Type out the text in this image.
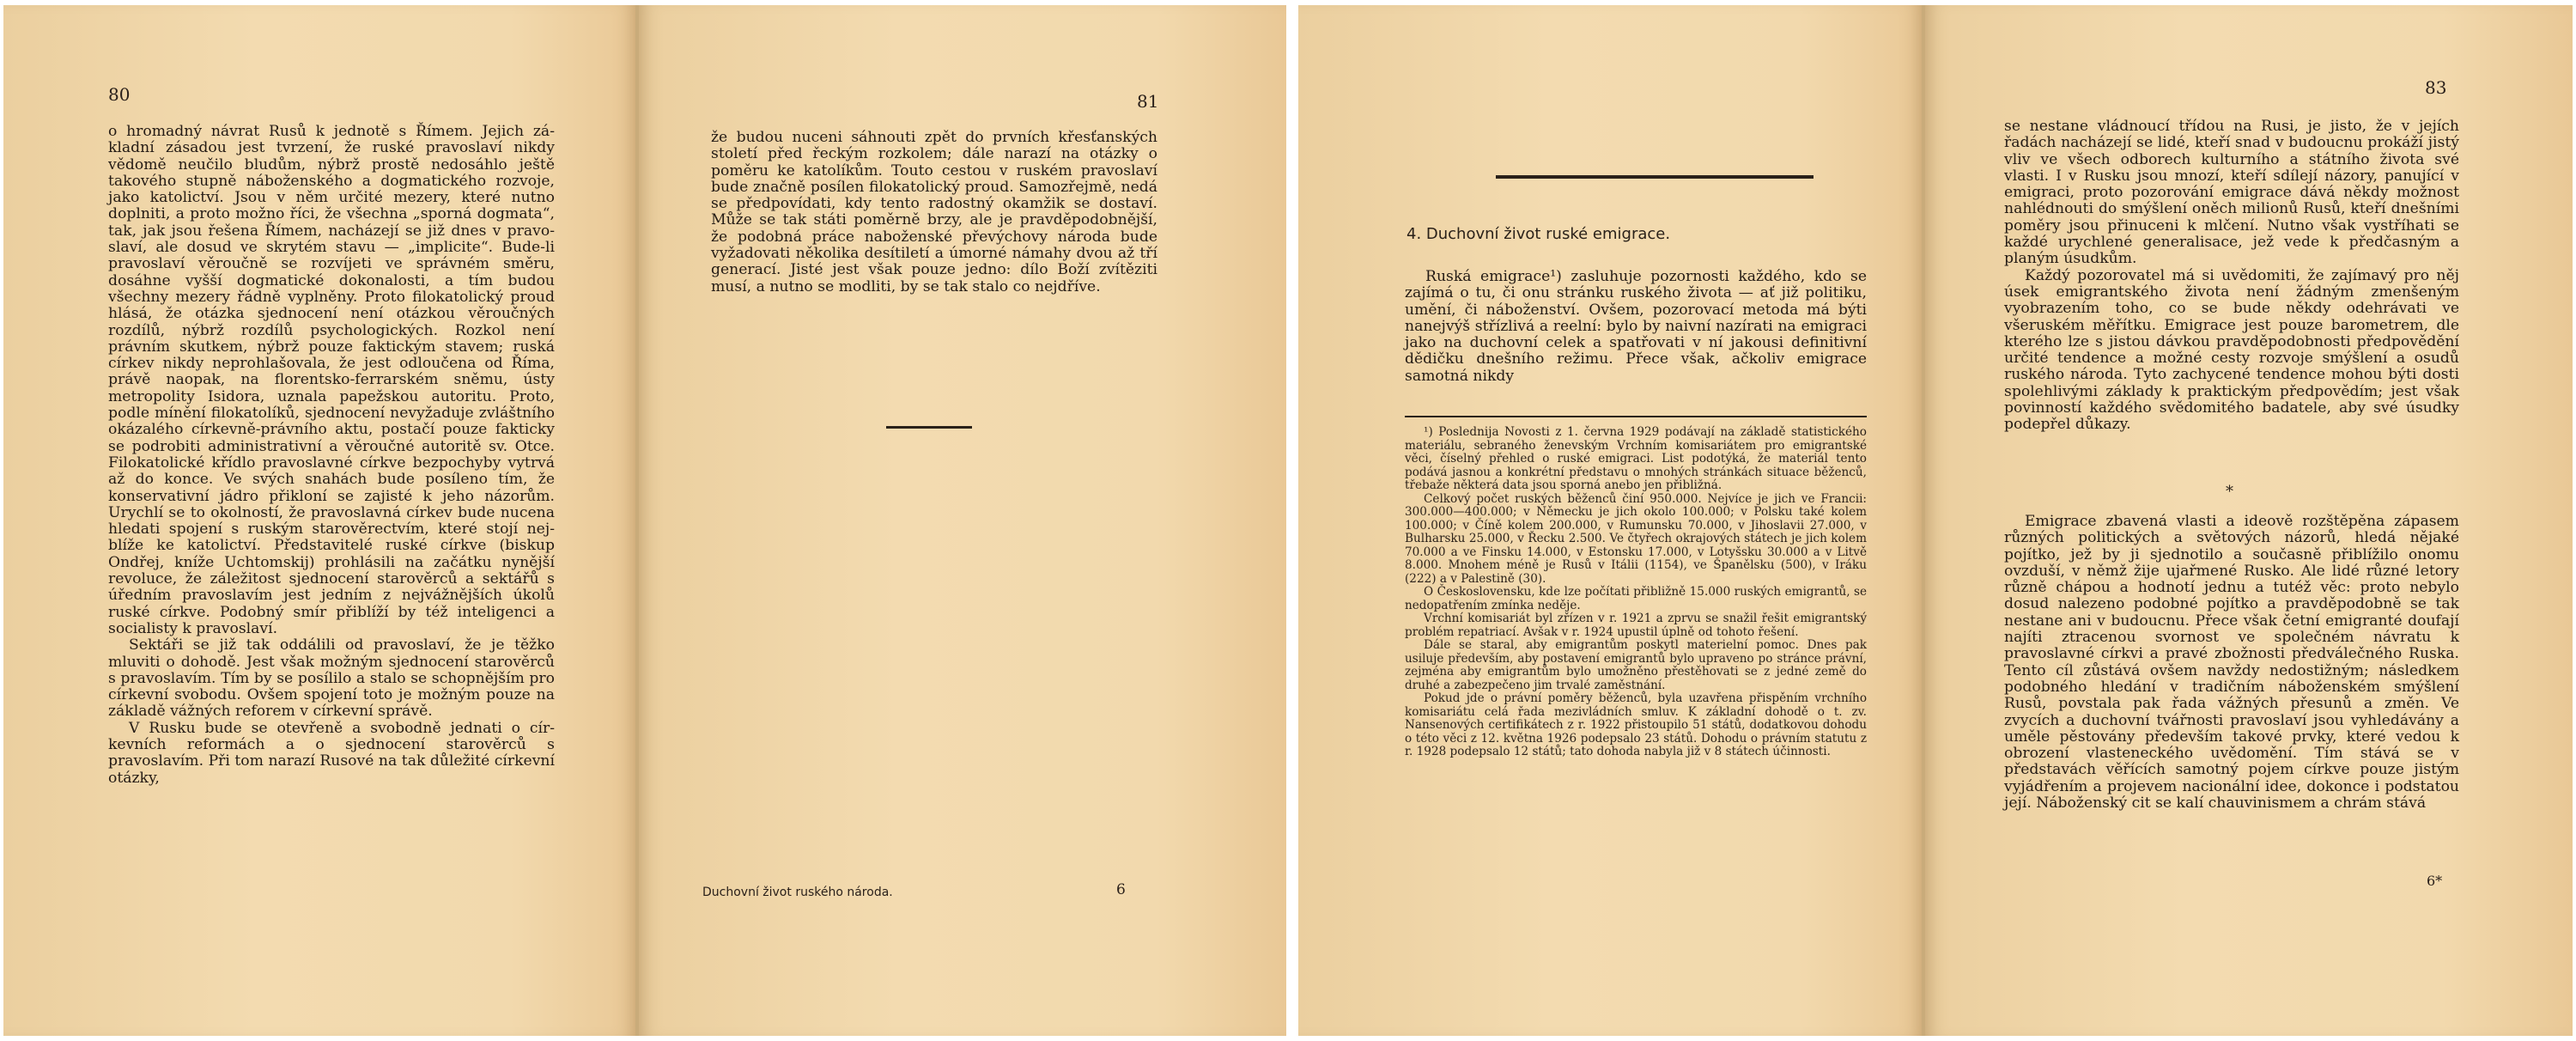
80

o hromadný návrat Rusů k jednotě s Římem. Jejich základní zásadou jest tvrzení, že ruské pravoslaví nikdy vědomě neučilo bludům, nýbrž prostě nedosáhlo ještě takového stupně náboženského a dogmatického rozvoje, jako katolictví. Jsou v něm určité mezery, které nutno doplniti, a proto možno říci, že všechna „sporná dogmata“, tak, jak jsou řešena Římem, nacházejí se již dnes v pravoslaví, ale dosud ve skrytém stavu — „implicite“. Bude-li pravoslaví věroučně se rozvíjeti ve správném směru, dosáhne vyšší dogmatické dokonalosti, a tím budou všechny mezery řádně vyplněny. Proto filokatolický proud hlásá, že otázka sjednocení není otázkou věroučných rozdílů, nýbrž rozdílů psychologických. Rozkol není právním skutkem, nýbrž pouze faktickým stavem; ruská církev nikdy neprohlašovala, že jest odloučena od Říma, právě naopak, na florentsko-ferrarském sněmu, ústy metropolity Isidora, uznala papežskou autoritu. Proto, podle mínění filokatolíků, sjednocení nevyžaduje zvláštního okázalého církevně-právního aktu, postačí pouze fakticky se podrobiti administrativní a věroučné autoritě sv. Otce. Filokatolické křídlo pravoslavné církve bezpochyby vytrvá až do konce. Ve svých snahách bude posíleno tím, že konservativní jádro přikloní se zajisté k jeho názorům. Urychlí se to okolností, že pravoslavná církev bude nucena hledati spojení s ruským starověrectvím, které stojí nejblíže ke katolictví. Představitelé ruské církve (biskup Ondřej, kníže Uchtomskij) prohlásili na začátku nynější revoluce, že záležitost sjednocení starověrců a sektářů s úředním pravoslavím jest jedním z nejvážnějších úkolů ruské církve. Podobný smír přiblíží by též inteligenci a socialisty k pravoslaví.

Sektáři se již tak oddálili od pravoslaví, že je těžko mluviti o dohodě. Jest však možným sjednocení starověrců s pravoslavím. Tím by se posílilo a stalo se schopnějším pro církevní svobodu. Ovšem spojení toto je možným pouze na základě vážných reforem v církevní správě.

V Rusku bude se otevřeně a svobodně jednati o církevních reformách a o sjednocení starověrců s pravoslavím. Při tom narazí Rusové na tak důležité církevní otázky,

81

že budou nuceni sáhnouti zpět do prvních křesťanských století před řeckým rozkolem; dále narazí na otázky o poměru ke katolíkům. Touto cestou v ruském pravoslaví bude značně posílen filokatolický proud. Samozřejmě, nedá se předpovídati, kdy tento radostný okamžik se dostaví. Může se tak státi poměrně brzy, ale je pravděpodobnější, že podobná práce naboženské převýchovy národa bude vyžadovati několika desítiletí a úmorné námahy dvou až tří generací. Jisté jest však pouze jedno: dílo Boží zvítěziti musí, a nutno se modliti, by se tak stalo co nejdříve.

Duchovní život ruského národa.	6
4. Duchovní život ruské emigrace.

Ruská emigrace¹) zasluhuje pozornosti každého, kdo se zajímá o tu, či onu stránku ruského života — ať již politiku, umění, či náboženství. Ovšem, pozorovací metoda má býti nanejvýš střízlivá a reelní: bylo by naivní nazírati na emigraci jako na duchovní celek a spatřovati v ní jakousi definitivní dědičku dnešního režimu. Přece však, ačkoliv emigrace samotná nikdy

¹) Poslednija Novosti z 1. června 1929 podávají na základě statistického materiálu, sebraného ženevským Vrchním komisariátem pro emigrantské věci, číselný přehled o ruské emigraci. List podotýká, že materiál tento podává jasnou a konkrétní představu o mnohých stránkách situace běženců, třebaže některá data jsou sporná anebo jen přibližná.

Celkový počet ruských běženců činí 950.000. Nejvíce je jich ve Francii: 300.000—400.000; v Německu je jich okolo 100.000; v Polsku také kolem 100.000; v Číně kolem 200.000, v Rumunsku 70.000, v Jihoslavii 27.000, v Bulharsku 25.000, v Řecku 2.500. Ve čtyřech okrajových státech je jich kolem 70.000 a ve Finsku 14.000, v Estonsku 17.000, v Lotyšsku 30.000 a v Litvě 8.000. Mnohem méně je Rusů v Itálii (1154), ve Španělsku (500), v Iráku (222) a v Palestině (30).

O Československu, kde lze počítati přibližně 15.000 ruských emigrantů, se nedopatřením zmínka neděje.

Vrchní komisariát byl zřízen v r. 1921 a zprvu se snažil řešit emigrantský problém repatriací. Avšak v r. 1924 upustil úplně od tohoto řešení.

Dále se staral, aby emigrantům poskytl materielní pomoc. Dnes pak usiluje především, aby postavení emigrantů bylo upraveno po stránce právní, zejména aby emigrantům bylo umožněno přestěhovati se z jedné země do druhé a zabezpečeno jim trvalé zaměstnání.

Pokud jde o právní poměry běženců, byla uzavřena přispěním vrchního komisariátu celá řada mezivládních smluv. K základní dohodě o t. zv. Nansenových certifikátech z r. 1922 přistoupilo 51 států, dodatkovou dohodu o této věci z 12. května 1926 podepsalo 23 států. Dohodu o právním statutu z r. 1928 podepsalo 12 států; tato dohoda nabyla již v 8 státech účinnosti.

83

se nestane vládnoucí třídou na Rusi, je jisto, že v jejích řadách nacházejí se lidé, kteří snad v budoucnu prokáží jistý vliv ve všech odborech kulturního a státního života své vlasti. I v Rusku jsou mnozí, kteří sdílejí názory, panující v emigraci, proto pozorování emigrace dává někdy možnost nahlédnouti do smýšlení oněch milionů Rusů, kteří dnešními poměry jsou přinuceni k mlčení. Nutno však vystříhati se každé urychlené generalisace, jež vede k předčasným a planým úsudkům.

Každý pozorovatel má si uvědomiti, že zajímavý pro něj úsek emigrantského života není žádným zmenšeným vyobrazením toho, co se bude někdy odehrávati ve všeruském měřítku. Emigrace jest pouze barometrem, dle kterého lze s jistou dávkou pravděpodobnosti předpovědění určité tendence a možné cesty rozvoje smýšlení a osudů ruského národa. Tyto zachycené tendence mohou býti dosti spolehlivými základy k praktickým předpovědím; jest však povinností každého svědomitého badatele, aby své úsudky podepřel důkazy.

*

Emigrace zbavená vlasti a ideově rozštěpěna zápasem různých politických a světových názorů, hledá nějaké pojítko, jež by ji sjednotilo a současně přiblížilo onomu ovzduší, v němž žije ujařmené Rusko. Ale lidé různé letory různě chápou a hodnotí jednu a tutéž věc: proto nebylo dosud nalezeno podobné pojítko a pravděpodobně se tak nestane ani v budoucnu. Přece však četní emigranté doufají najíti ztracenou svornost ve společném návratu k pravoslavné církvi a pravé zbožnosti předválečného Ruska. Tento cíl zůstává ovšem navždy nedostižným; následkem podobného hledání v tradičním náboženském smýšlení Rusů, povstala pak řada vážných přesunů a změn. Ve zvycích a duchovní tvářnosti pravoslaví jsou vyhledávány a uměle pěstovány především takové prvky, které vedou k obrození vlasteneckého uvědomění. Tím stává se v představách věřících samotný pojem církve pouze jistým vyjádřením a projevem nacionální idee, dokonce i podstatou její. Náboženský cit se kalí chauvinismem a chrám stává

6*
